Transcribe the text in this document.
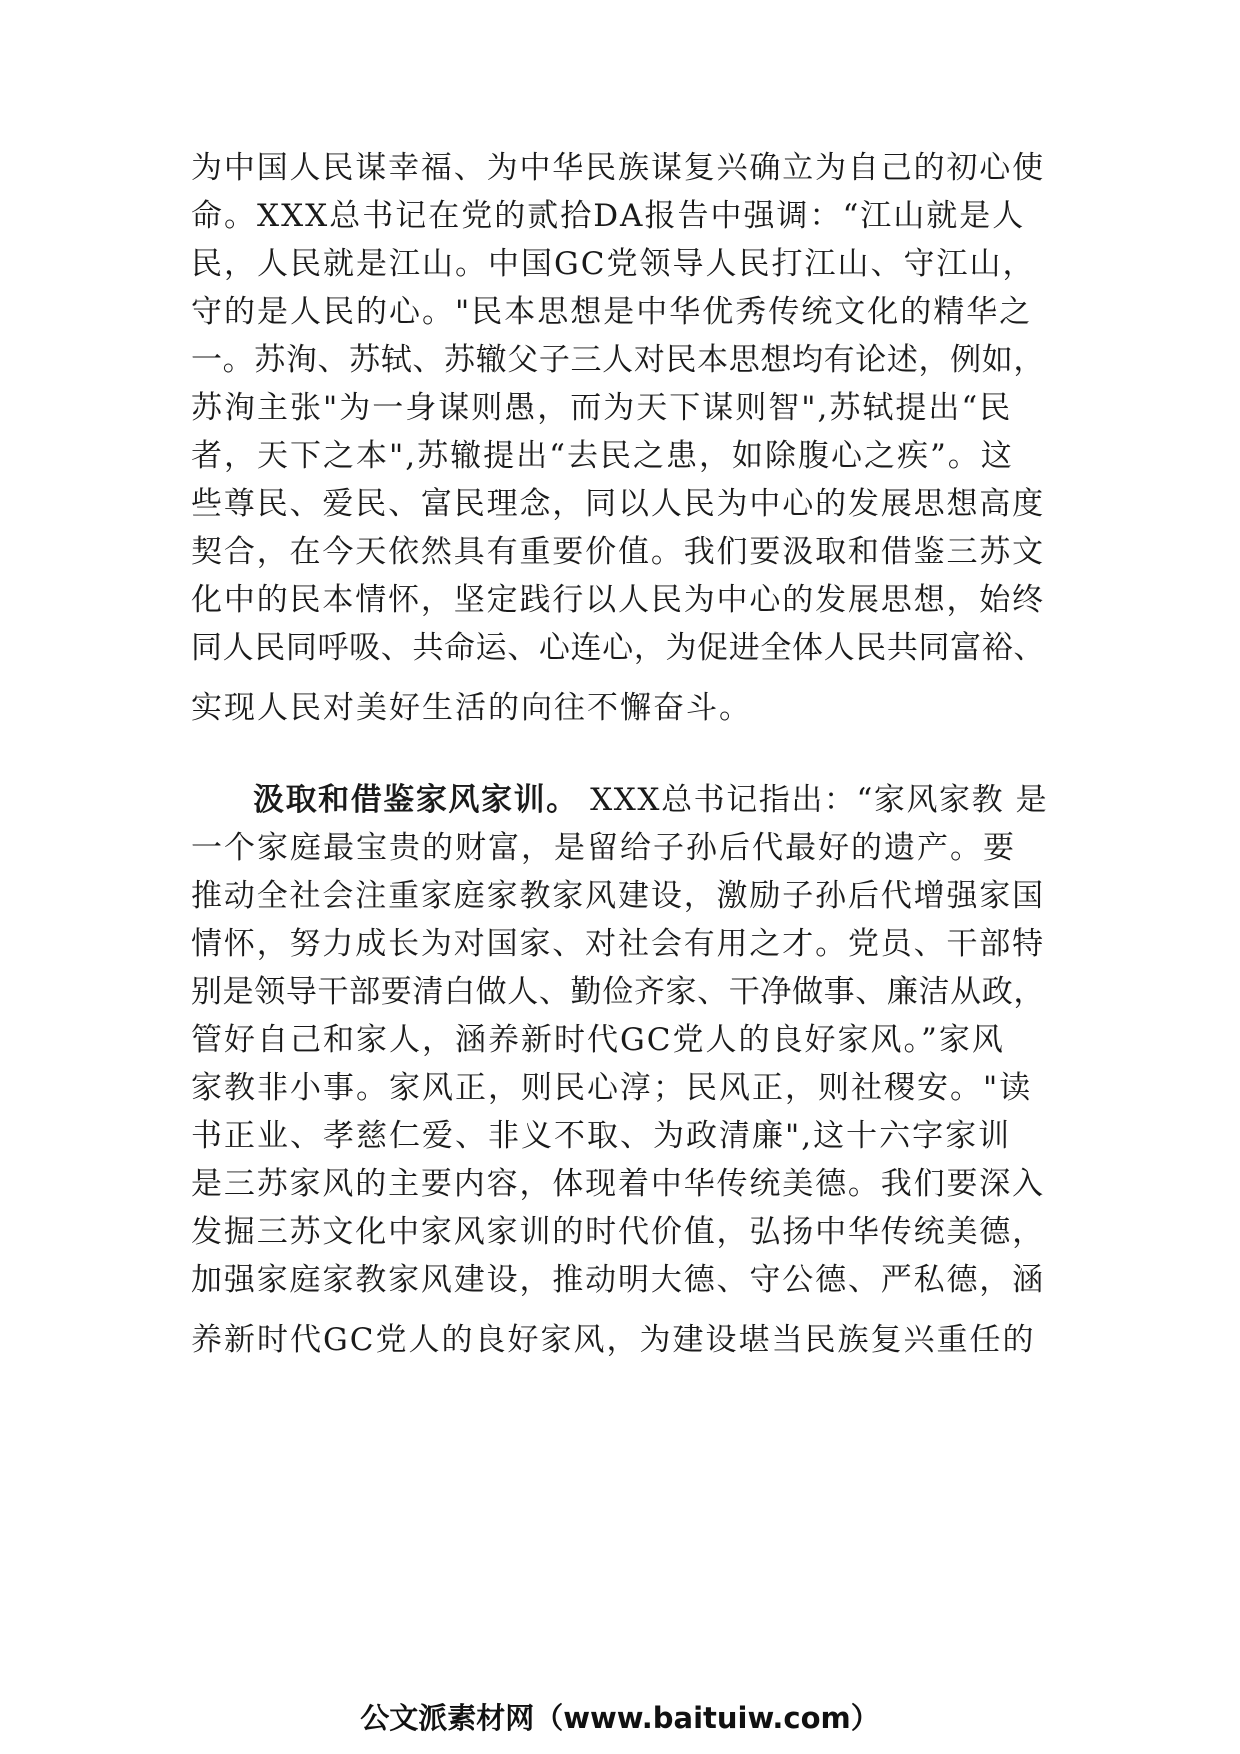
为中国人民谋幸福、为中华民族谋复兴确立为自己的初心使
命。XXX总书记在党的贰拾DA报告中强调：“江山就是人
民，人民就是江山。中国GC党领导人民打江山、守江山，
守的是人民的心。"民本思想是中华优秀传统文化的精华之
一。苏洵、苏轼、苏辙父子三人对民本思想均有论述，例如，
苏洵主张"为一身谋则愚，而为天下谋则智",苏轼提出“民
者，天下之本",苏辙提出“去民之患，如除腹心之疾”。这
些尊民、爱民、富民理念，同以人民为中心的发展思想高度
契合，在今天依然具有重要价值。我们要汲取和借鉴三苏文
化中的民本情怀，坚定践行以人民为中心的发展思想，始终
同人民同呼吸、共命运、心连心，为促进全体人民共同富裕、
实现人民对美好生活的向往不懈奋斗。
汲取和借鉴家风家训。 XXX总书记指出：“家风家教 是
一个家庭最宝贵的财富，是留给子孙后代最好的遗产。要
推动全社会注重家庭家教家风建设，激励子孙后代增强家国
情怀，努力成长为对国家、对社会有用之才。党员、干部特
别是领导干部要清白做人、勤俭齐家、干净做事、廉洁从政，
管好自己和家人，涵养新时代GC党人的良好家风。”家风
家教非小事。家风正，则民心淳；民风正，则社稷安。"读
书正业、孝慈仁爱、非义不取、为政清廉",这十六字家训
是三苏家风的主要内容，体现着中华传统美德。我们要深入
发掘三苏文化中家风家训的时代价值，弘扬中华传统美德，
加强家庭家教家风建设，推动明大德、守公德、严私德，涵
养新时代GC党人的良好家风，为建设堪当民族复兴重任的
公文派素材网（www.baituiw.com）
